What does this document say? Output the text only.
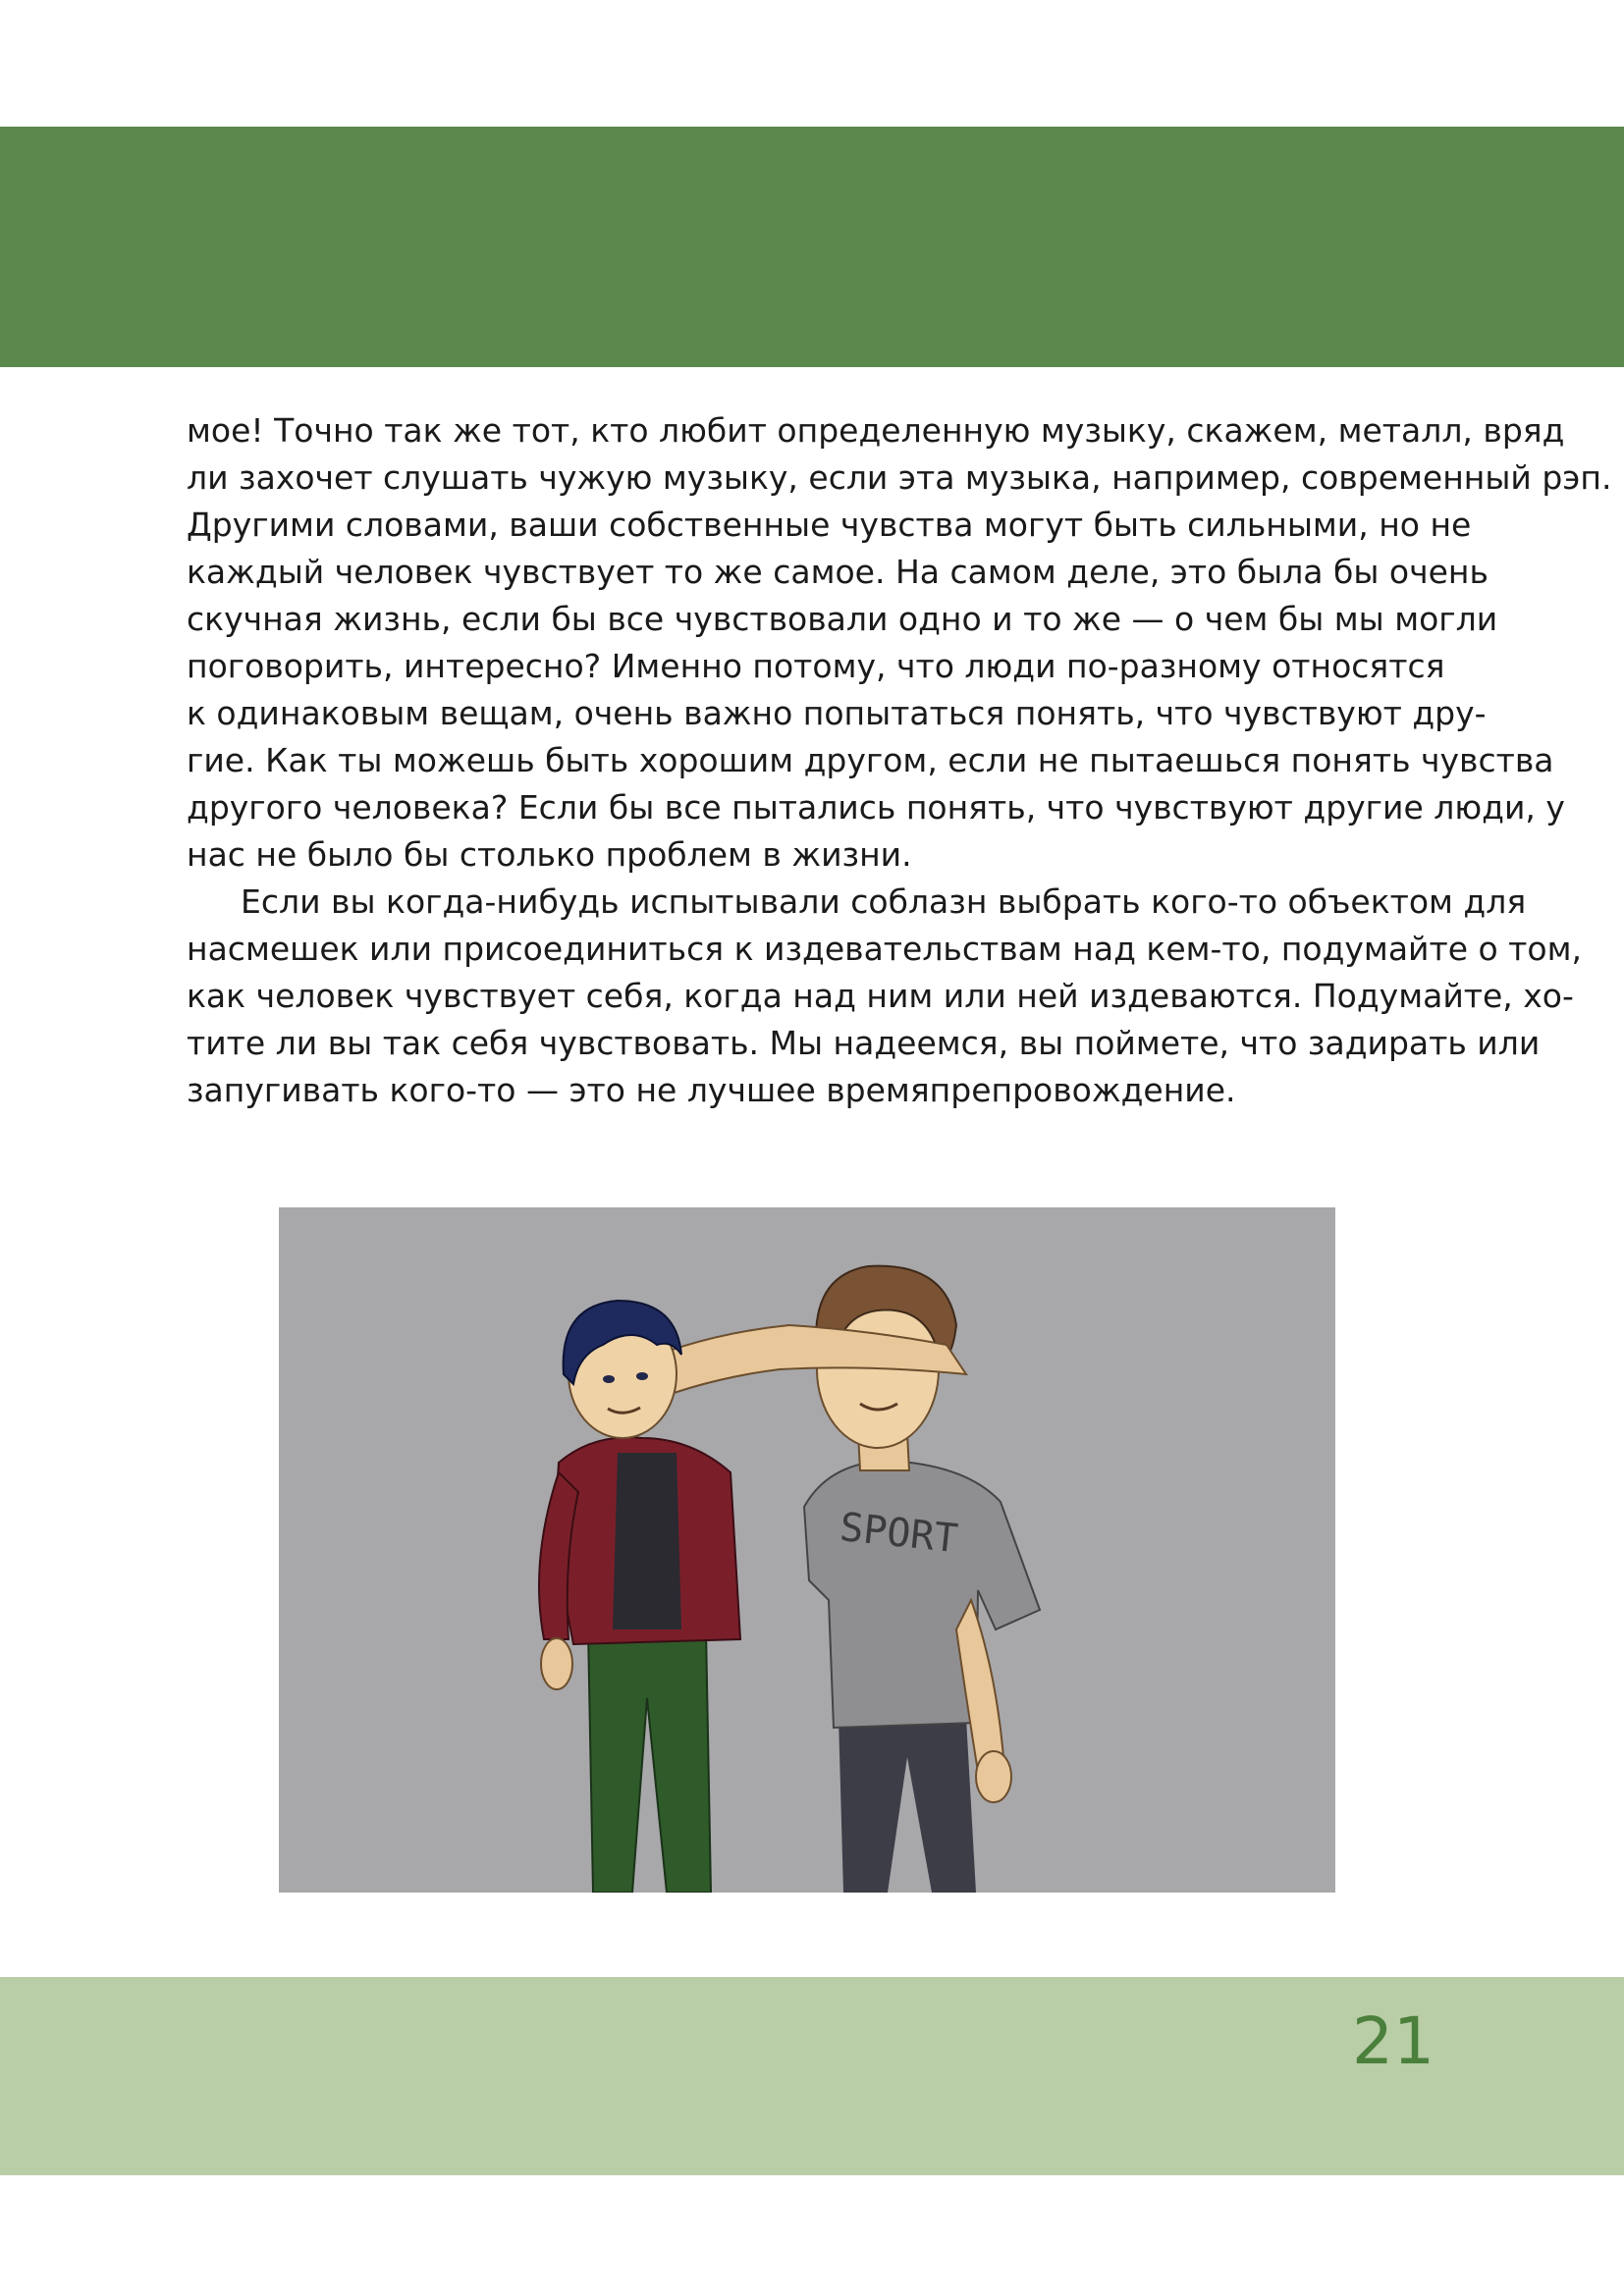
мое! Точно так же тот, кто любит определенную музыку, скажем, металл, вряд
ли захочет слушать чужую музыку, если эта музыка, например, современный рэп.
Другими словами, ваши собственные чувства могут быть сильными, но не
каждый человек чувствует то же самое. На самом деле, это была бы очень
скучная жизнь, если бы все чувствовали одно и то же — о чем бы мы могли
поговорить, интересно? Именно потому, что люди по-разному относятся
к одинаковым вещам, очень важно попытаться понять, что чувствуют дру-
гие. Как ты можешь быть хорошим другом, если не пытаешься понять чувства
другого человека? Если бы все пытались понять, что чувствуют другие люди, у
нас не было бы столько проблем в жизни.
Если вы когда-нибудь испытывали соблазн выбрать кого-то объектом для
насмешек или присоединиться к издевательствам над кем-то, подумайте о том,
как человек чувствует себя, когда над ним или ней издеваются. Подумайте, хо-
тите ли вы так себя чувствовать. Мы надеемся, вы поймете, что задирать или
запугивать кого-то — это не лучшее времяпрепровождение.
SPORT
21
